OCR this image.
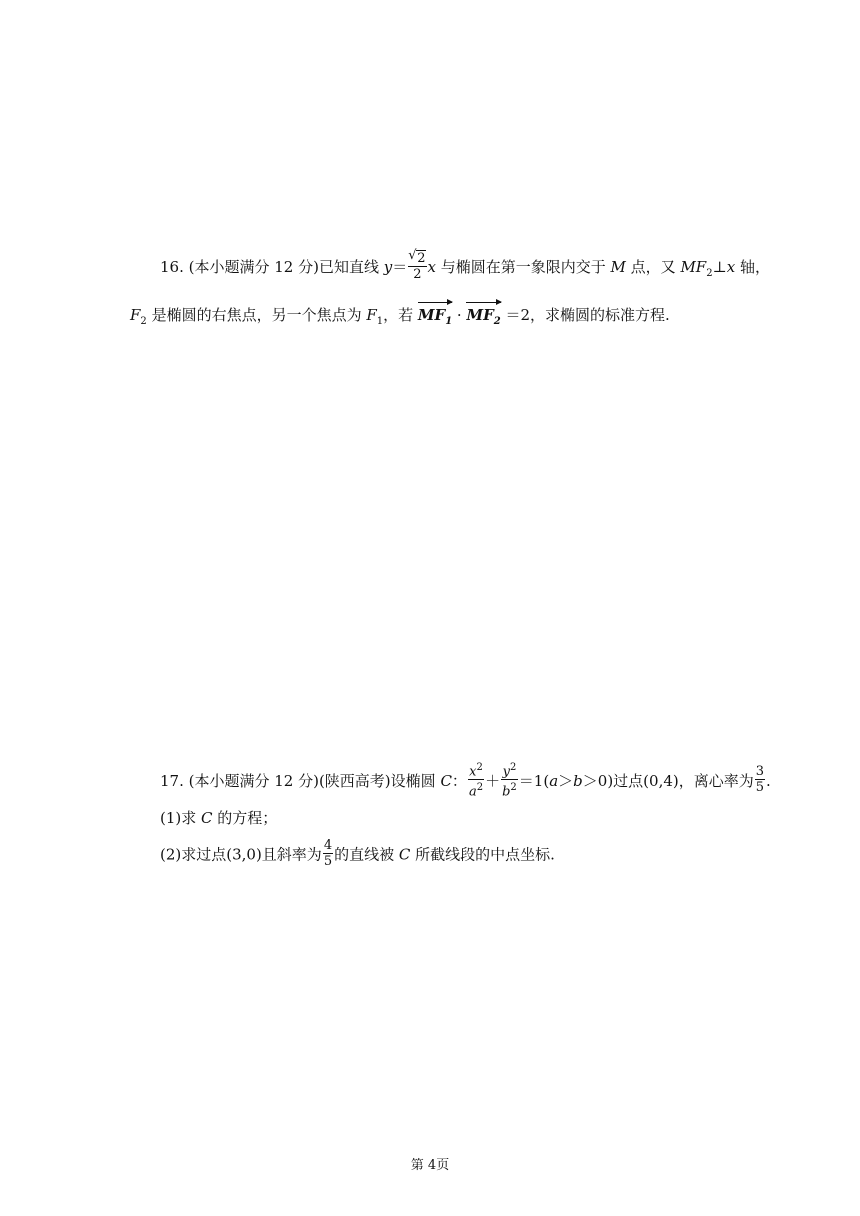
16. (本小题满分 12 分)已知直线 y＝
√ $\frac{2}{2}$ x 与椭圆在第一象限内交于 M 点，又 $MF_2\perp x$ 轴，
$F_2$ 是椭圆的右焦点，另一个焦点为 $F_1$，若
$MF_1$ ·
$MF_2 =2$，求椭圆的标准方程.
17. (本小题满分 12 分)(陕西高考)设椭圆 C： $\frac{x^2}{a^2} + \frac{y^2}{b^2} =1(a>b>0)$过点(0,4)，离心率为 $\frac{3}{5}$ .
(1)求 C 的方程；
(2)求过点(3,0)且斜率为 $\frac{4}{5}$ 的直线被 C 所截线段的中点坐标.
第 4页
